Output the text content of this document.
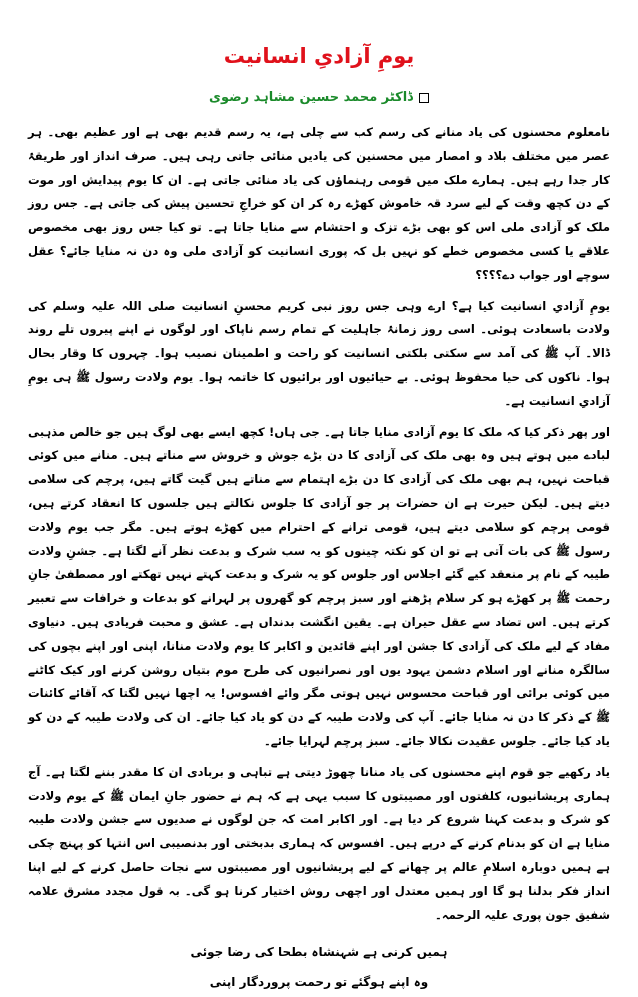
یومِ آزادیِ انسانیت
ڈاکٹر محمد حسین مشاہد رضوی

نامعلوم محسنوں کی یاد منانے کی رسم کب سے چلی ہے، یہ رسم قدیم بھی ہے اور عظیم بھی۔ ہر عصر میں مختلف بلاد و امصار میں محسنین کی یادیں منائی جاتی رہی ہیں۔ صرف انداز اور طریقۂ کار جدا رہے ہیں۔ ہمارے ملک میں قومی رہنماؤں کی یاد منائی جاتی ہے۔ ان کا یوم پیدایش اور موت کے دن کچھ وقت کے لیے سرد قہ خاموش کھڑے رہ کر ان کو خراجِ تحسین پیش کی جاتی ہے۔ جس روز ملک کو آزادی ملی اس کو بھی بڑے تزک و احتشام سے منایا جاتا ہے۔ تو کیا جس روز بھی مخصوص علاقے یا کسی مخصوص خطے کو نہیں بل کہ پوری انسانیت کو آزادی ملی وہ دن نہ منایا جائے؟ عقل سوچے اور جواب دے؟؟؟؟

یومِ آزادیِ انسانیت کیا ہے؟ ارے وہی جس روز نبی کریم محسنِ انسانیت صلی اللہ علیہ وسلم کی ولادت باسعادت ہوئی۔ اسی روز زمانۂ جاہلیت کے تمام رسم ناپاک اور لوگوں نے اپنے پیروں تلے روند ڈالا۔ آپ ﷺ کی آمد سے سکتی بلکتی انسانیت کو راحت و اطمینان نصیب ہوا۔ چہروں کا وقار بحال ہوا۔ ناکوں کی حیا محفوظ ہوئی۔ بے حیائیوں اور برائیوں کا خاتمہ ہوا۔ یوم ولادت رسول ﷺ ہی یومِ آزادیِ انسانیت ہے۔

اور پھر ذکر کیا کہ ملک کا یوم آزادی منایا جاتا ہے۔ جی ہاں! کچھ ایسے بھی لوگ ہیں جو خالص مذہبی لبادے میں ہوتے ہیں وہ بھی ملک کی آزادی کا دن بڑے جوش و خروش سے مناتے ہیں۔ منانے میں کوئی قباحت نہیں، ہم بھی ملک کی آزادی کا دن بڑے اہتمام سے مناتے ہیں گیت گاتے ہیں، پرچم کی سلامی دیتے ہیں۔ لیکن حیرت ہے ان حضرات پر جو آزادی کا جلوس نکالتے ہیں جلسوں کا انعقاد کرتے ہیں، قومی پرچم کو سلامی دیتے ہیں، قومی ترانے کے احترام میں کھڑے ہوتے ہیں۔ مگر جب یوم ولادت رسول ﷺ کی بات آتی ہے تو ان کو نکتہ چینوں کو یہ سب شرک و بدعت نظر آنے لگتا ہے۔ جشنِ ولادت طیبہ کے نام پر منعقد کیے گئے اجلاس اور جلوس کو یہ شرک و بدعت کہتے نہیں تھکتے اور مصطفیٰ جانِ رحمت ﷺ پر کھڑے ہو کر سلام پڑھنے اور سبز پرچم کو گھروں پر لہرانے کو بدعات و خرافات سے تعبیر کرتے ہیں۔ اس تضاد سے عقل حیران ہے۔ یقین انگشت بدنداں ہے۔ عشق و محبت فریادی ہیں۔ دنیاوی مفاد کے لیے ملک کی آزادی کا جشن اور اپنے قائدین و اکابر کا یوم ولادت منانا، اپنی اور اپنے بچوں کی سالگرہ منانے اور اسلام دشمن یہود یوں اور نصرانیوں کی طرح موم بتیاں روشن کرنے اور کیک کاٹنے میں کوئی برائی اور قباحت محسوس نہیں ہوتی مگر وائے افسوس! یہ اچھا نہیں لگتا کہ آقائے کائنات ﷺ کے ذکر کا دن نہ منایا جائے۔ آپ کی ولادت طیبہ کے دن کو یاد کیا جائے۔ ان کی ولادت طیبہ کے دن کو یاد کیا جائے۔ جلوس عقیدت نکالا جائے۔ سبز پرچم لہرایا جائے۔

یاد رکھیے جو قوم اپنے محسنوں کی یاد منانا چھوڑ دیتی ہے تباہی و بربادی ان کا مقدر بننے لگتا ہے۔ آج ہماری پریشانیوں، کلفتوں اور مصیبتوں کا سبب یہی ہے کہ ہم نے حضور جانِ ایمان ﷺ کے یوم ولادت کو شرک و بدعت کہنا شروع کر دیا ہے۔ اور اکابر امت کہ جن لوگوں نے صدیوں سے جشن ولادت طیبہ منایا ہے ان کو بدنام کرنے کے درپے ہیں۔ افسوس کہ ہماری بدبختی اور بدنصیبی اس انتہا کو پہنچ چکی ہے ہمیں دوبارہ اسلامِ عالم پر چھانے کے لیے پریشانیوں اور مصیبتوں سے نجات حاصل کرنے کے لیے اپنا انداز فکر بدلنا ہو گا اور ہمیں معتدل اور اچھی روش اختیار کرنا ہو گی۔ بہ قول مجدد مشرق علامہ شفیق جون پوری علیہ الرحمہ۔

ہمیں کرنی ہے شہنشاہ بطحا کی رضا جوئی
وہ اپنے ہوگئے تو رحمت پروردگار اپنی
